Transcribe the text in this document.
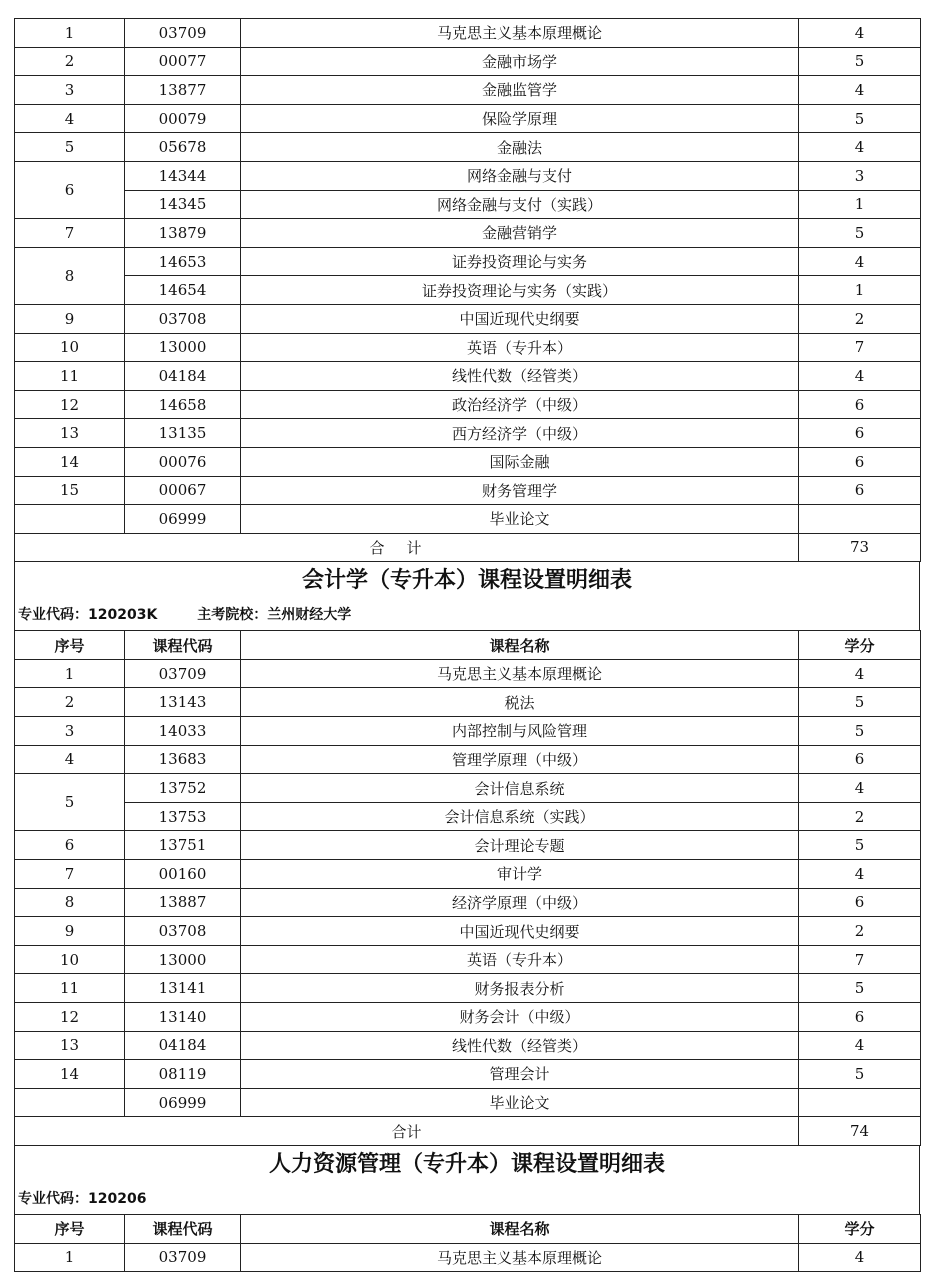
1	03709	马克思主义基本原理概论	4
2	00077	金融市场学	5
3	13877	金融监管学	4
4	00079	保险学原理	5
5	05678	金融法	4
6	14344	网络金融与支付	3
	14345	网络金融与支付（实践）	1
7	13879	金融营销学	5
8	14653	证券投资理论与实务	4
	14654	证券投资理论与实务（实践）	1
9	03708	中国近现代史纲要	2
10	13000	英语（专升本）	7
11	04184	线性代数（经管类）	4
12	14658	政治经济学（中级）	6
13	13135	西方经济学（中级）	6
14	00076	国际金融	6
15	00067	财务管理学	6
	06999	毕业论文	
合计			73
会计学（专升本）课程设置明细表
专业代码：120203K	主考院校：兰州财经大学
序号	课程代码	课程名称	学分
1	03709	马克思主义基本原理概论	4
2	13143	税法	5
3	14033	内部控制与风险管理	5
4	13683	管理学原理（中级）	6
5	13752	会计信息系统	4
	13753	会计信息系统（实践）	2
6	13751	会计理论专题	5
7	00160	审计学	4
8	13887	经济学原理（中级）	6
9	03708	中国近现代史纲要	2
10	13000	英语（专升本）	7
11	13141	财务报表分析	5
12	13140	财务会计（中级）	6
13	04184	线性代数（经管类）	4
14	08119	管理会计	5
	06999	毕业论文	
合计			74
人力资源管理（专升本）课程设置明细表
专业代码：120206
序号	课程代码	课程名称	学分
1	03709	马克思主义基本原理概论	4
